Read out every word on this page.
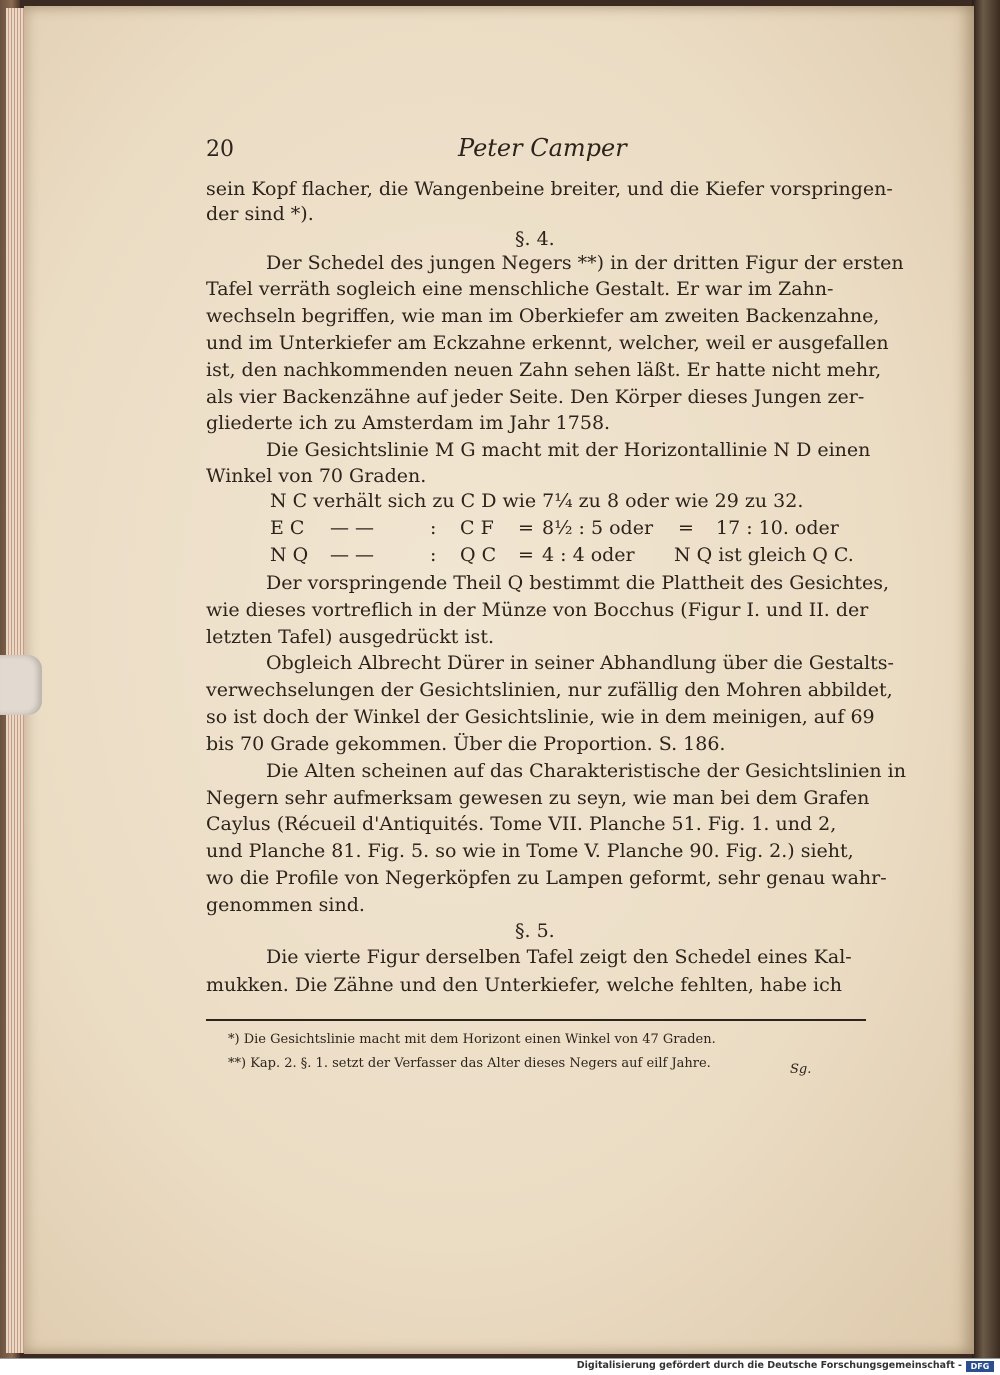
20	Peter Camper
sein Kopf flacher, die Wangenbeine breiter, und die Kiefer vorspringen-
der sind *).
§. 4.
Der Schedel des jungen Negers **) in der dritten Figur der ersten
Tafel verräth sogleich eine menschliche Gestalt. Er war im Zahn-
wechseln begriffen, wie man im Oberkiefer am zweiten Backenzahne,
und im Unterkiefer am Eckzahne erkennt, welcher, weil er ausgefallen
ist, den nachkommenden neuen Zahn sehen läßt. Er hatte nicht mehr,
als vier Backenzähne auf jeder Seite. Den Körper dieses Jungen zer-
gliederte ich zu Amsterdam im Jahr 1758.
Die Gesichtslinie M G macht mit der Horizontallinie N D einen
Winkel von 70 Graden.
N C verhält sich zu C D wie 7¼ zu 8 oder wie 29 zu 32.
E C — —	: C F = 8½ : 5 oder = 17 : 10. oder
N Q — —	: Q C = 4 : 4 oder N Q ist gleich Q C.
Der vorspringende Theil Q bestimmt die Plattheit des Gesichtes,
wie dieses vortreflich in der Münze von Bocchus (Figur I. und II. der
letzten Tafel) ausgedrückt ist.
Obgleich Albrecht Dürer in seiner Abhandlung über die Gestalts-
verwechselungen der Gesichtslinien, nur zufällig den Mohren abbildet,
so ist doch der Winkel der Gesichtslinie, wie in dem meinigen, auf 69
bis 70 Grade gekommen. Über die Proportion. S. 186.
Die Alten scheinen auf das Charakteristische der Gesichtslinien in
Negern sehr aufmerksam gewesen zu seyn, wie man bei dem Grafen
Caylus (Récueil d'Antiquités. Tome VII. Planche 51. Fig. 1. und 2,
und Planche 81. Fig. 5. so wie in Tome V. Planche 90. Fig. 2.) sieht,
wo die Profile von Negerköpfen zu Lampen geformt, sehr genau wahr-
genommen sind.
§. 5.
Die vierte Figur derselben Tafel zeigt den Schedel eines Kal-
mukken. Die Zähne und den Unterkiefer, welche fehlten, habe ich
*) Die Gesichtslinie macht mit dem Horizont einen Winkel von 47 Graden.
**) Kap. 2. §. 1. setzt der Verfasser das Alter dieses Negers auf eilf Jahre.	Sg.
Digitalisierung gefördert durch die Deutsche Forschungsgemeinschaft -	DFG
